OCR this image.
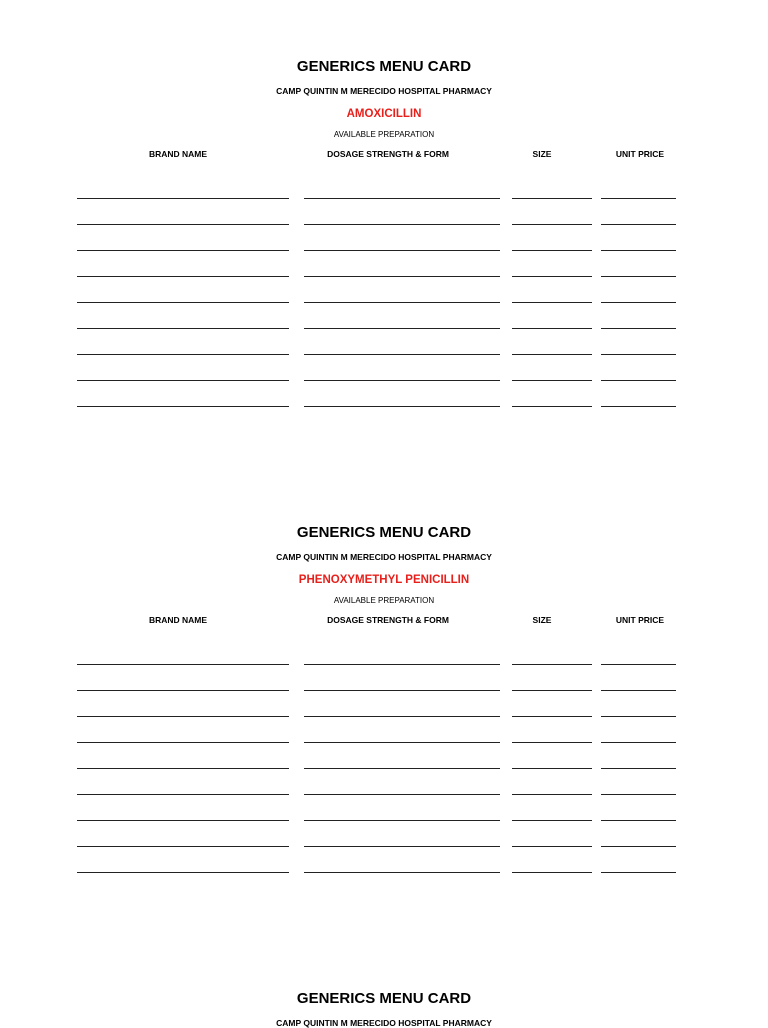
GENERICS MENU CARD
CAMP QUINTIN M MERECIDO HOSPITAL PHARMACY
AMOXICILLIN
AVAILABLE PREPARATION
BRAND NAME	DOSAGE STRENGTH & FORM	SIZE	UNIT PRICE
GENERICS MENU CARD
CAMP QUINTIN M MERECIDO HOSPITAL PHARMACY
PHENOXYMETHYL PENICILLIN
AVAILABLE PREPARATION
BRAND NAME	DOSAGE STRENGTH & FORM	SIZE	UNIT PRICE
GENERICS MENU CARD
CAMP QUINTIN M MERECIDO HOSPITAL PHARMACY
